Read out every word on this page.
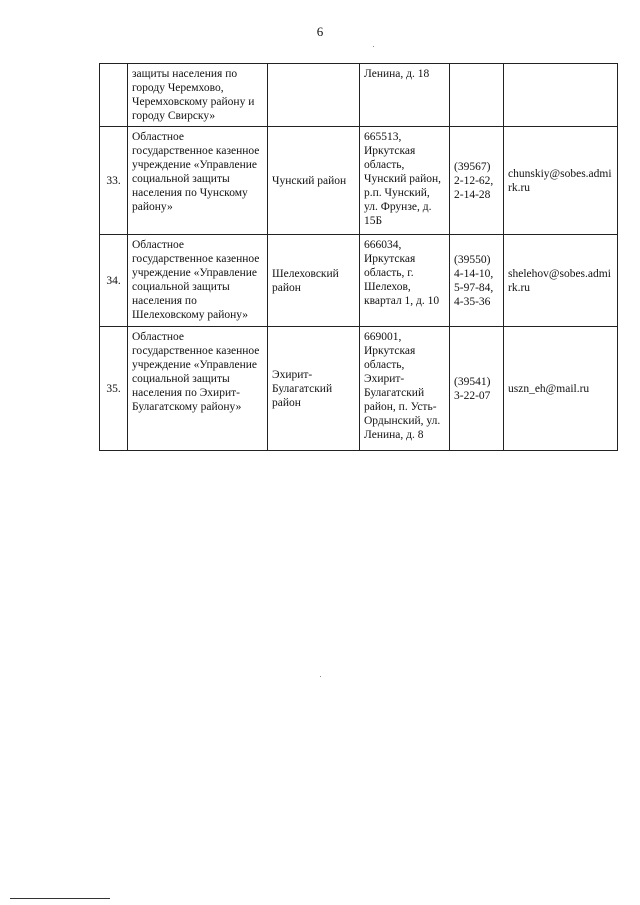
6
	защиты населения по городу Черемхово, Черемховскому району и городу Свирску»		Ленина, д. 18		
33.	Областное государственное казенное учреждение «Управление социальной защиты населения по Чунскому району»	Чунский район	665513, Иркутская область, Чунский район, р.п. Чунский, ул. Фрунзе, д. 15Б	(39567) 2-12-62, 2-14-28	chunskiy@sobes.admirk.ru
34.	Областное государственное казенное учреждение «Управление социальной защиты населения по Шелеховскому району»	Шелеховский район	666034, Иркутская область, г. Шелехов, квартал 1, д. 10	(39550) 4-14-10, 5-97-84, 4-35-36	shelehov@sobes.admirk.ru
35.	Областное государственное казенное учреждение «Управление социальной защиты населения по Эхирит-Булагатскому району»	Эхирит-Булагатский район	669001, Иркутская область, Эхирит-Булагатский район, п. Усть-Ордынский, ул. Ленина, д. 8	(39541) 3-22-07	uszn_eh@mail.ru
